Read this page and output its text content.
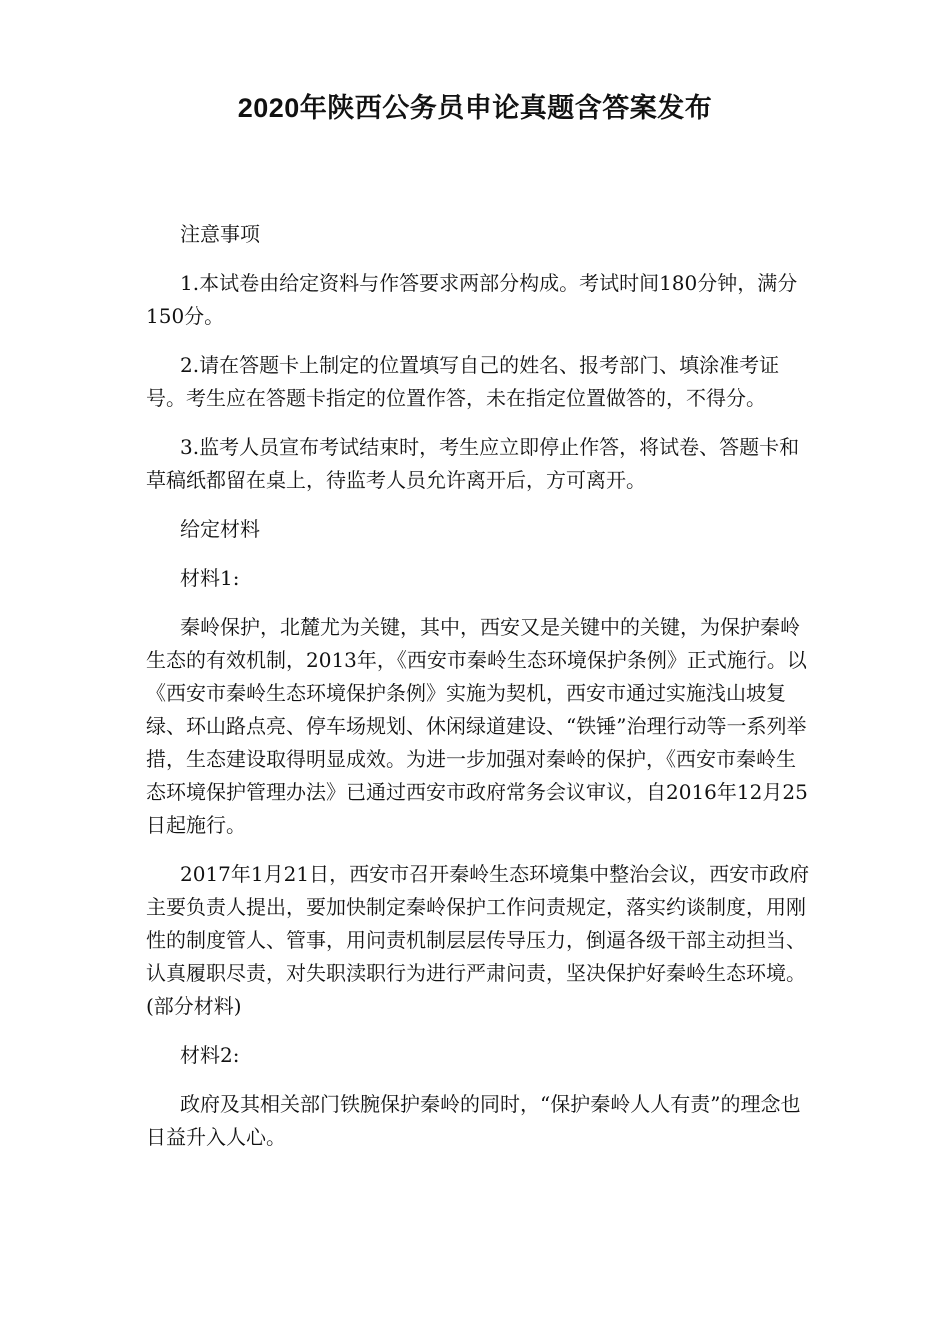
2020年陕西公务员申论真题含答案发布

注意事项

1.本试卷由给定资料与作答要求两部分构成。考试时间180分钟，满分150分。

2.请在答题卡上制定的位置填写自己的姓名、报考部门、填涂准考证号。考生应在答题卡指定的位置作答，未在指定位置做答的，不得分。

3.监考人员宣布考试结束时，考生应立即停止作答，将试卷、答题卡和草稿纸都留在桌上，待监考人员允许离开后，方可离开。

给定材料

材料1:

秦岭保护，北麓尤为关键，其中，西安又是关键中的关键，为保护秦岭生态的有效机制，2013年，《西安市秦岭生态环境保护条例》正式施行。以《西安市秦岭生态环境保护条例》实施为契机，西安市通过实施浅山坡复绿、环山路点亮、停车场规划、休闲绿道建设、“铁锤”治理行动等一系列举措，生态建设取得明显成效。为进一步加强对秦岭的保护，《西安市秦岭生态环境保护管理办法》已通过西安市政府常务会议审议，自2016年12月25日起施行。

2017年1月21日，西安市召开秦岭生态环境集中整治会议，西安市政府主要负责人提出，要加快制定秦岭保护工作问责规定，落实约谈制度，用刚性的制度管人、管事，用问责机制层层传导压力，倒逼各级干部主动担当、认真履职尽责，对失职渎职行为进行严肃问责，坚决保护好秦岭生态环境。(部分材料)

材料2:

政府及其相关部门铁腕保护秦岭的同时，“保护秦岭人人有责”的理念也日益升入人心。
